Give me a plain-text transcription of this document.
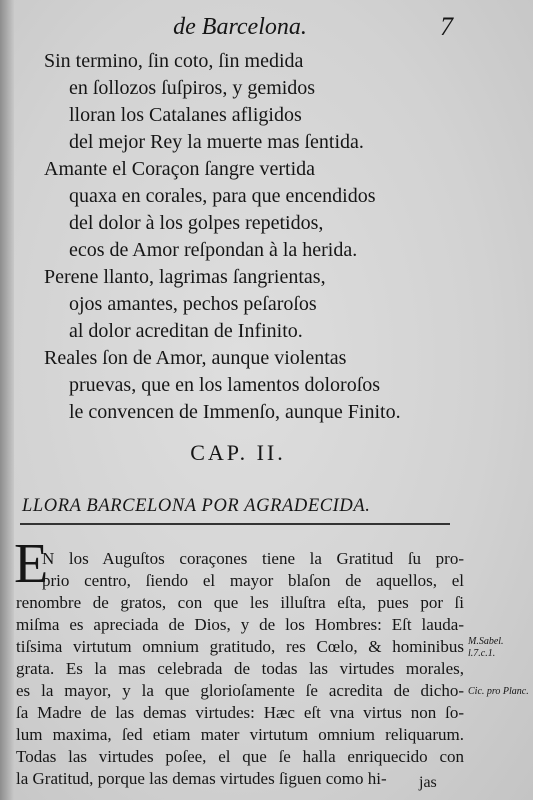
de Barcelona.	7
Sin termino, ſin coto, ſin medida
en ſollozos ſuſpiros, y gemidos
lloran los Catalanes afligidos
del mejor Rey la muerte mas ſentida.
Amante el Coraçon ſangre vertida
quaxa en corales, para que encendidos
del dolor à los golpes repetidos,
ecos de Amor reſpondan à la herida.
Perene llanto, lagrimas ſangrientas,
ojos amantes, pechos peſaroſos
al dolor acreditan de Infinito.
Reales ſon de Amor, aunque violentas
pruevas, que en los lamentos doloroſos
le convencen de Immenſo, aunque Finito.
CAP. II.
LLORA BARCELONA POR AGRADECIDA.
E
N los Auguſtos coraçones tiene la Gratitud ſu pro-
prio centro, ſiendo el mayor blaſon de aquellos, el
renombre de gratos, con que les illuſtra eſta, pues por ſi
miſma es apreciada de Dios, y de los Hombres: Eſt lauda-
tiſsima virtutum omnium gratitudo, res Cœlo, & hominibus
grata. Es la mas celebrada de todas las virtudes morales,
es la mayor, y la que glorioſamente ſe acredita de dicho-
ſa Madre de las demas virtudes: Hæc eſt vna virtus non ſo-
lum maxima, ſed etiam mater virtutum omnium reliquarum.
Todas las virtudes poſee, el que ſe halla enriquecido con
la Gratitud, porque las demas virtudes ſiguen como hi-
M.Sabel. l.7.c.1.
Cic. pro Planc.
jas
